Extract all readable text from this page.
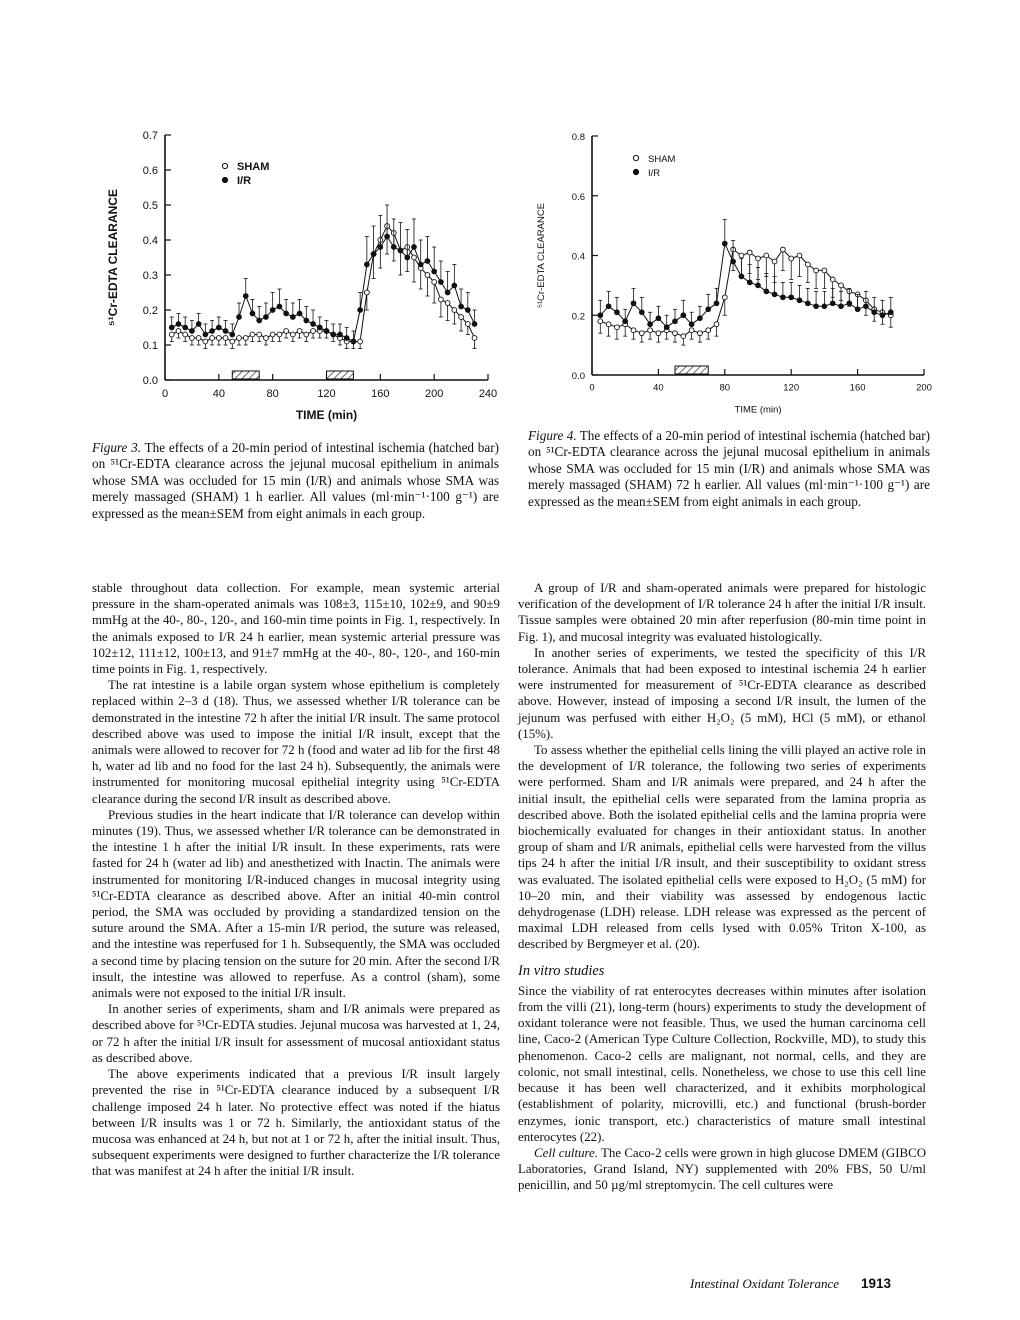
0.0
0.1
0.2
0.3
0.4
0.5
0.6
0.7
0	40	80	120	160	200	240
TIME (min)
⁵¹Cr-EDTA CLEARANCE
SHAM
I/R
Figure 3. The effects of a 20-min period of intestinal ischemia (hatched bar) on ⁵¹Cr-EDTA clearance across the jejunal mucosal epithelium in animals whose SMA was occluded for 15 min (I/R) and animals whose SMA was merely massaged (SHAM) 1 h earlier. All values (ml·min⁻¹·100 g⁻¹) are expressed as the mean±SEM from eight animals in each group.
0.0
0.2
0.4
0.6
0.8
0	40	80	120	160	200
TIME (min)
⁵¹Cr-EDTA CLEARANCE
SHAM
I/R
Figure 4. The effects of a 20-min period of intestinal ischemia (hatched bar) on ⁵¹Cr-EDTA clearance across the jejunal mucosal epithelium in animals whose SMA was occluded for 15 min (I/R) and animals whose SMA was merely massaged (SHAM) 72 h earlier. All values (ml·min⁻¹·100 g⁻¹) are expressed as the mean±SEM from eight animals in each group.

stable throughout data collection. For example, mean systemic arterial pressure in the sham-operated animals was 108±3, 115±10, 102±9, and 90±9 mmHg at the 40-, 80-, 120-, and 160-min time points in Fig. 1, respectively. In the animals exposed to I/R 24 h earlier, mean systemic arterial pressure was 102±12, 111±12, 100±13, and 91±7 mmHg at the 40-, 80-, 120-, and 160-min time points in Fig. 1, respectively.

The rat intestine is a labile organ system whose epithelium is completely replaced within 2–3 d (18). Thus, we assessed whether I/R tolerance can be demonstrated in the intestine 72 h after the initial I/R insult. The same protocol described above was used to impose the initial I/R insult, except that the animals were allowed to recover for 72 h (food and water ad lib for the first 48 h, water ad lib and no food for the last 24 h). Subsequently, the animals were instrumented for monitoring mucosal epithelial integrity using ⁵¹Cr-EDTA clearance during the second I/R insult as described above.

Previous studies in the heart indicate that I/R tolerance can develop within minutes (19). Thus, we assessed whether I/R tolerance can be demonstrated in the intestine 1 h after the initial I/R insult. In these experiments, rats were fasted for 24 h (water ad lib) and anesthetized with Inactin. The animals were instrumented for monitoring I/R-induced changes in mucosal integrity using ⁵¹Cr-EDTA clearance as described above. After an initial 40-min control period, the SMA was occluded by providing a standardized tension on the suture around the SMA. After a 15-min I/R period, the suture was released, and the intestine was reperfused for 1 h. Subsequently, the SMA was occluded a second time by placing tension on the suture for 20 min. After the second I/R insult, the intestine was allowed to reperfuse. As a control (sham), some animals were not exposed to the initial I/R insult.

In another series of experiments, sham and I/R animals were prepared as described above for ⁵¹Cr-EDTA studies. Jejunal mucosa was harvested at 1, 24, or 72 h after the initial I/R insult for assessment of mucosal antioxidant status as described above.

The above experiments indicated that a previous I/R insult largely prevented the rise in ⁵¹Cr-EDTA clearance induced by a subsequent I/R challenge imposed 24 h later. No protective effect was noted if the hiatus between I/R insults was 1 or 72 h. Similarly, the antioxidant status of the mucosa was enhanced at 24 h, but not at 1 or 72 h, after the initial insult. Thus, subsequent experiments were designed to further characterize the I/R tolerance that was manifest at 24 h after the initial I/R insult.

A group of I/R and sham-operated animals were prepared for histologic verification of the development of I/R tolerance 24 h after the initial I/R insult. Tissue samples were obtained 20 min after reperfusion (80-min time point in Fig. 1), and mucosal integrity was evaluated histologically.

In another series of experiments, we tested the specificity of this I/R tolerance. Animals that had been exposed to intestinal ischemia 24 h earlier were instrumented for measurement of ⁵¹Cr-EDTA clearance as described above. However, instead of imposing a second I/R insult, the lumen of the jejunum was perfused with either H₂O₂ (5 mM), HCl (5 mM), or ethanol (15%).

To assess whether the epithelial cells lining the villi played an active role in the development of I/R tolerance, the following two series of experiments were performed. Sham and I/R animals were prepared, and 24 h after the initial insult, the epithelial cells were separated from the lamina propria as described above. Both the isolated epithelial cells and the lamina propria were biochemically evaluated for changes in their antioxidant status. In another group of sham and I/R animals, epithelial cells were harvested from the villus tips 24 h after the initial I/R insult, and their susceptibility to oxidant stress was evaluated. The isolated epithelial cells were exposed to H₂O₂ (5 mM) for 10–20 min, and their viability was assessed by endogenous lactic dehydrogenase (LDH) release. LDH release was expressed as the percent of maximal LDH released from cells lysed with 0.05% Triton X-100, as described by Bergmeyer et al. (20).

In vitro studies

Since the viability of rat enterocytes decreases within minutes after isolation from the villi (21), long-term (hours) experiments to study the development of oxidant tolerance were not feasible. Thus, we used the human carcinoma cell line, Caco-2 (American Type Culture Collection, Rockville, MD), to study this phenomenon. Caco-2 cells are malignant, not normal, cells, and they are colonic, not small intestinal, cells. Nonetheless, we chose to use this cell line because it has been well characterized, and it exhibits morphological (establishment of polarity, microvilli, etc.) and functional (brush-border enzymes, ionic transport, etc.) characteristics of mature small intestinal enterocytes (22).

Cell culture. The Caco-2 cells were grown in high glucose DMEM (GIBCO Laboratories, Grand Island, NY) supplemented with 20% FBS, 50 U/ml penicillin, and 50 µg/ml streptomycin. The cell cultures were

Intestinal Oxidant Tolerance 1913
